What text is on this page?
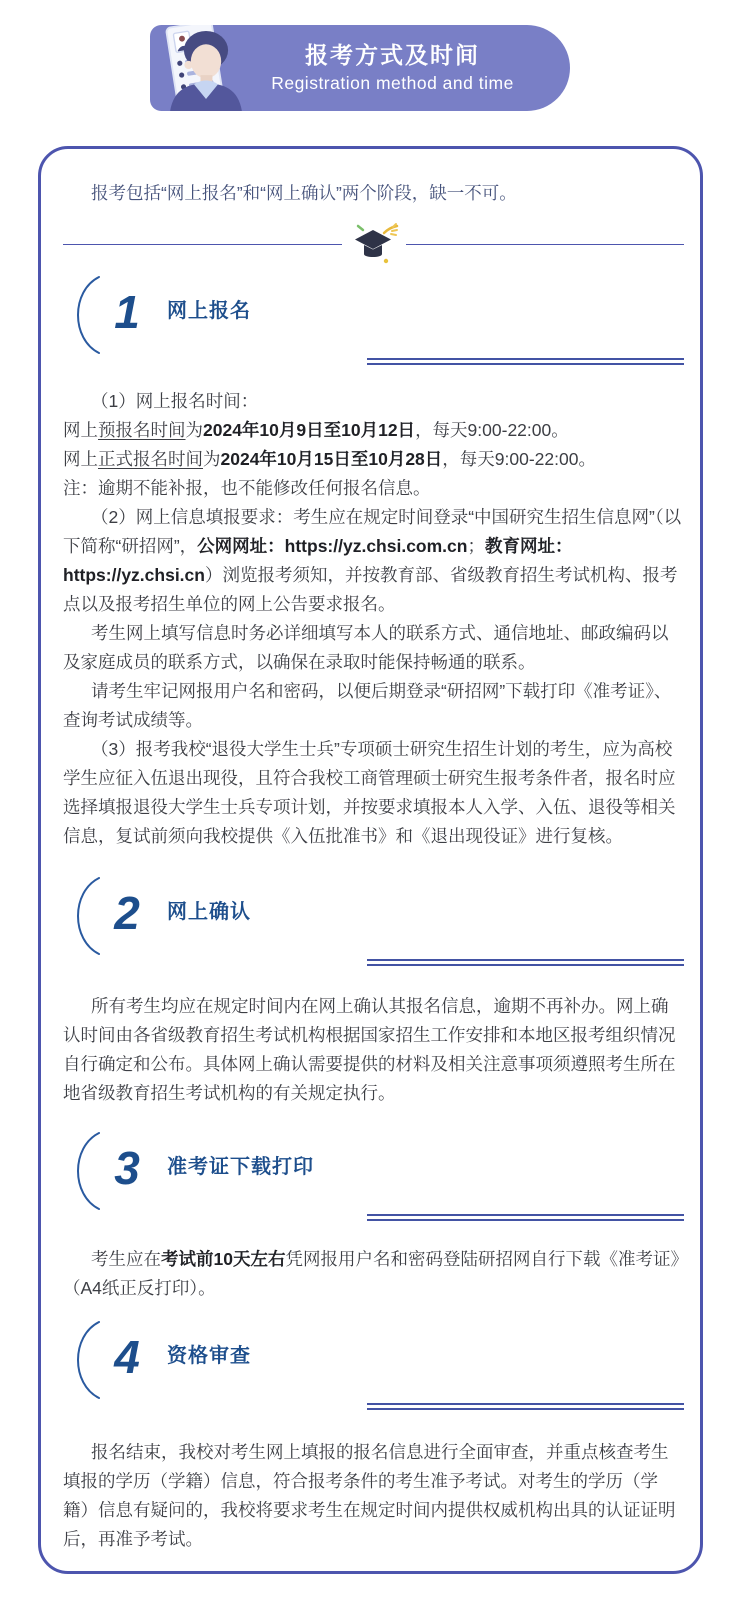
报考方式及时间
Registration method and time

报考包括“网上报名”和“网上确认”两个阶段，缺一不可。

1	网上报名

（1）网上报名时间：

网上预报名时间为2024年10月9日至10月12日，每天9:00-22:00。

网上正式报名时间为2024年10月15日至10月28日，每天9:00-22:00。

注：逾期不能补报，也不能修改任何报名信息。

（2）网上信息填报要求：考生应在规定时间登录“中国研究生招生信息网”（以下简称“研招网”，公网网址：https://yz.chsi.com.cn；教育网址：https://yz.chsi.cn）浏览报考须知，并按教育部、省级教育招生考试机构、报考点以及报考招生单位的网上公告要求报名。

考生网上填写信息时务必详细填写本人的联系方式、通信地址、邮政编码以及家庭成员的联系方式，以确保在录取时能保持畅通的联系。

请考生牢记网报用户名和密码，以便后期登录“研招网”下载打印《准考证》、查询考试成绩等。

（3）报考我校“退役大学生士兵”专项硕士研究生招生计划的考生，应为高校学生应征入伍退出现役，且符合我校工商管理硕士研究生报考条件者，报名时应选择填报退役大学生士兵专项计划，并按要求填报本人入学、入伍、退役等相关信息，复试前须向我校提供《入伍批准书》和《退出现役证》进行复核。

2	网上确认

所有考生均应在规定时间内在网上确认其报名信息，逾期不再补办。网上确认时间由各省级教育招生考试机构根据国家招生工作安排和本地区报考组织情况自行确定和公布。具体网上确认需要提供的材料及相关注意事项须遵照考生所在地省级教育招生考试机构的有关规定执行。

3	准考证下载打印

考生应在考试前10天左右凭网报用户名和密码登陆研招网自行下载《准考证》（A4纸正反打印）。

4	资格审查

报名结束，我校对考生网上填报的报名信息进行全面审查，并重点核查考生填报的学历（学籍）信息，符合报考条件的考生准予考试。对考生的学历（学籍）信息有疑问的，我校将要求考生在规定时间内提供权威机构出具的认证证明后，再准予考试。
